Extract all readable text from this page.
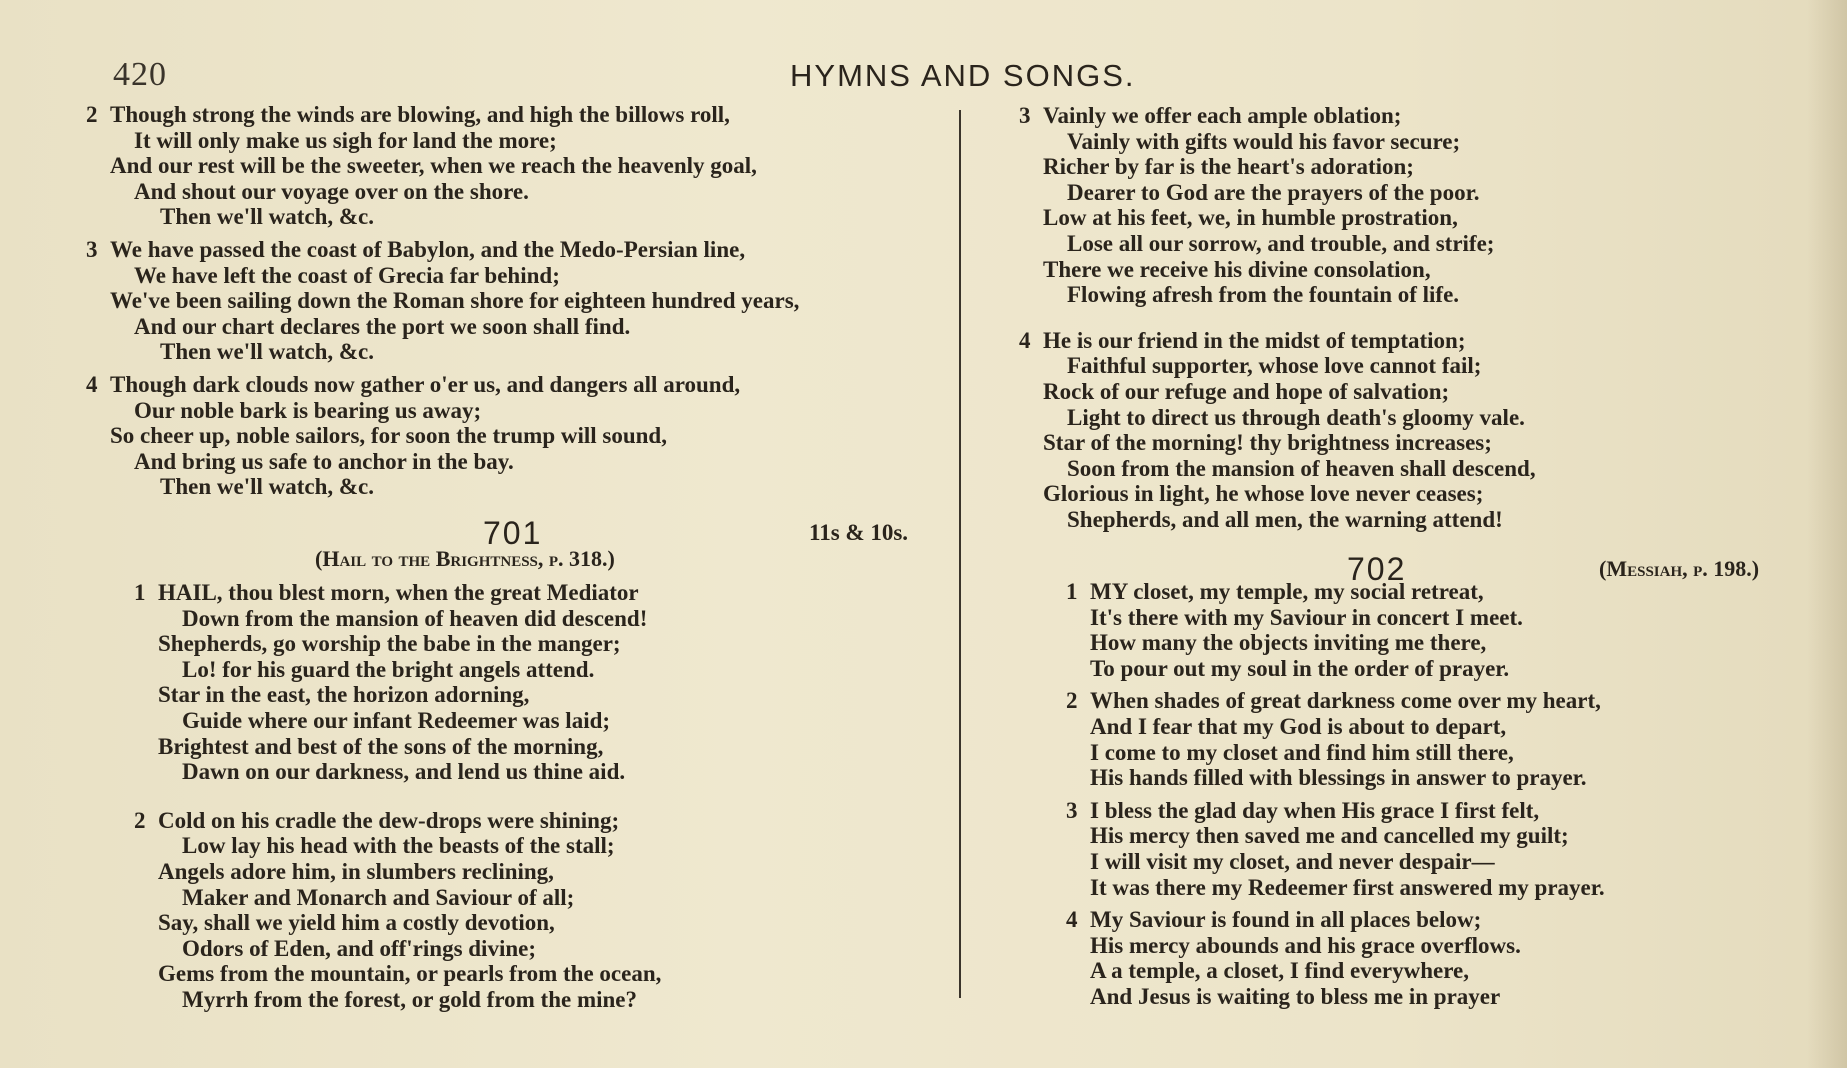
420	HYMNS AND SONGS.
2 Though strong the winds are blowing, and high the billows roll,
It will only make us sigh for land the more;
And our rest will be the sweeter, when we reach the heavenly goal,
And shout our voyage over on the shore.
Then we'll watch, &c.
3 We have passed the coast of Babylon, and the Medo-Persian line,
We have left the coast of Grecia far behind;
We've been sailing down the Roman shore for eighteen hundred years,
And our chart declares the port we soon shall find.
Then we'll watch, &c.
4 Though dark clouds now gather o'er us, and dangers all around,
Our noble bark is bearing us away;
So cheer up, noble sailors, for soon the trump will sound,
And bring us safe to anchor in the bay.
Then we'll watch, &c.
701	11s & 10s.
(Hail to the Brightness, p. 318.)
1 HAIL, thou blest morn, when the great Mediator
Down from the mansion of heaven did descend!
Shepherds, go worship the babe in the manger;
Lo! for his guard the bright angels attend.
Star in the east, the horizon adorning,
Guide where our infant Redeemer was laid;
Brightest and best of the sons of the morning,
Dawn on our darkness, and lend us thine aid.
2 Cold on his cradle the dew-drops were shining;
Low lay his head with the beasts of the stall;
Angels adore him, in slumbers reclining,
Maker and Monarch and Saviour of all;
Say, shall we yield him a costly devotion,
Odors of Eden, and off'rings divine;
Gems from the mountain, or pearls from the ocean,
Myrrh from the forest, or gold from the mine?
3 Vainly we offer each ample oblation;
Vainly with gifts would his favor secure;
Richer by far is the heart's adoration;
Dearer to God are the prayers of the poor.
Low at his feet, we, in humble prostration,
Lose all our sorrow, and trouble, and strife;
There we receive his divine consolation,
Flowing afresh from the fountain of life.
4 He is our friend in the midst of temptation;
Faithful supporter, whose love cannot fail;
Rock of our refuge and hope of salvation;
Light to direct us through death's gloomy vale.
Star of the morning! thy brightness increases;
Soon from the mansion of heaven shall descend,
Glorious in light, he whose love never ceases;
Shepherds, and all men, the warning attend!
702	(Messiah, p. 198.)
1 MY closet, my temple, my social retreat,
It's there with my Saviour in concert I meet.
How many the objects inviting me there,
To pour out my soul in the order of prayer.
2 When shades of great darkness come over my heart,
And I fear that my God is about to depart,
I come to my closet and find him still there,
His hands filled with blessings in answer to prayer.
3 I bless the glad day when His grace I first felt,
His mercy then saved me and cancelled my guilt;
I will visit my closet, and never despair—
It was there my Redeemer first answered my prayer.
4 My Saviour is found in all places below;
His mercy abounds and his grace overflows.
A a temple, a closet, I find everywhere,
And Jesus is waiting to bless me in prayer
